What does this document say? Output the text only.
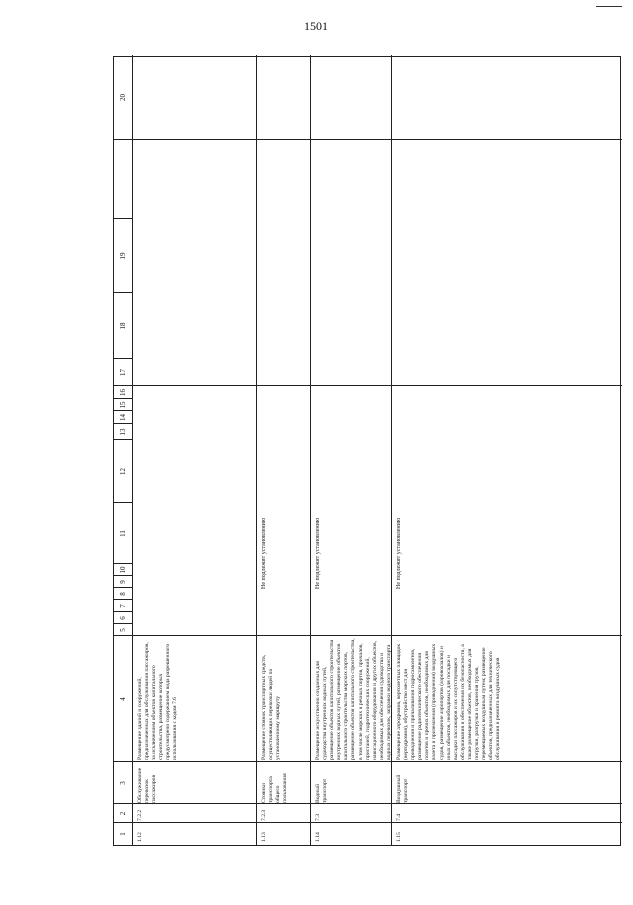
1501
1
2
3
4
5
6
7
8
9
10
11
12
13
14
15
16
17
18
19
20
1.12
7.2.2
Обслуживание перевозок пассажиров
Размещение зданий и сооружений, предназначенных для обслуживания пассажиров, за исключением объектов капитального строительства, размещение которых предусмотрено содержанием вида разрешенного использования с кодом 7.6
1.13
7.2.3
Стоянки транспорта общего пользования
Размещение стоянок транспортных средств, осуществляющих перевозки людей по установленному маршруту
Не подлежит установлению
1.14
7.3
Водный транспорт
Размещение искусственно созданных для судоходства внутренних водных путей, размещение объектов капитального строительства внутренних водных путей, размещение объектов капитального строительства морских портов, размещение объектов капитального строительства, в том числе морских и речных портов, причалов, пристаней, гидротехнических сооружений, навигационного оборудования и других объектов, необходимых для обеспечения судоходства и водных перевозок, заправки водного транспорта
Не подлежит установлению
1.15
7.4
Воздушный транспорт
Размещение аэродромов, вертолетных площадок (вертодромов), обустройство мест для приводнения и причаливания гидросамолетов, размещение радиотехнического обеспечения полетов и прочих объектов, необходимых для взлета и приземления (приводнения) воздушных судов, размещение аэропортов (аэровокзалов) и иных объектов, необходимых для посадки и высадки пассажиров и их сопутствующего обслуживания и обеспечения их безопасности, а также размещение объектов, необходимых для погрузки, разгрузки и хранения грузов, перемещаемых воздушным путем; размещение объектов, предназначенных для технического обслуживания и ремонта воздушных судов
Не подлежит установлению
